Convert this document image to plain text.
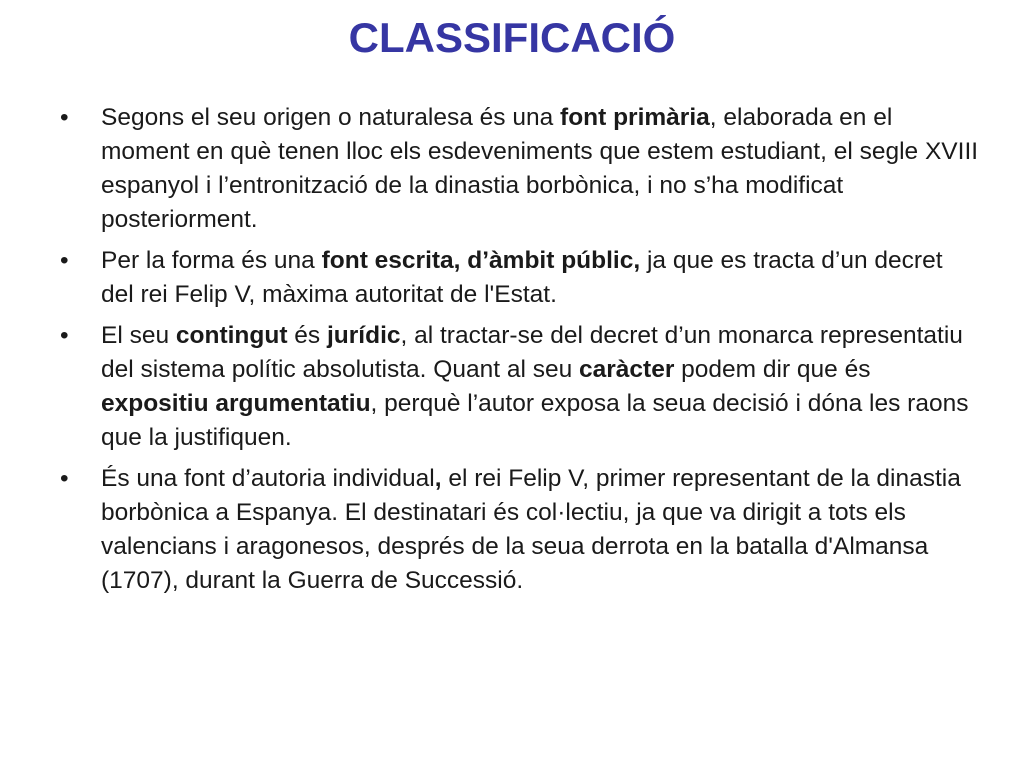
CLASSIFICACIÓ
• Segons el seu origen o naturalesa és una font primària, elaborada en el moment en què tenen lloc els esdeveniments que estem estudiant, el segle XVIII espanyol i l’entronització de la dinastia borbònica, i no s’ha modificat posteriorment.
• Per la forma és una font escrita, d’àmbit públic, ja que es tracta d’un decret del rei Felip V, màxima autoritat de l'Estat.
• El seu contingut és jurídic, al tractar-se del decret d’un monarca representatiu del sistema polític absolutista. Quant al seu caràcter podem dir que és expositiu argumentatiu, perquè l’autor exposa la seua decisió i dóna les raons que la justifiquen.
• És una font d’autoria individual, el rei Felip V, primer representant de la dinastia borbònica a Espanya. El destinatari és col·lectiu, ja que va dirigit a tots els valencians i aragonesos, després de la seua derrota en la batalla d'Almansa (1707), durant la Guerra de Successió.
